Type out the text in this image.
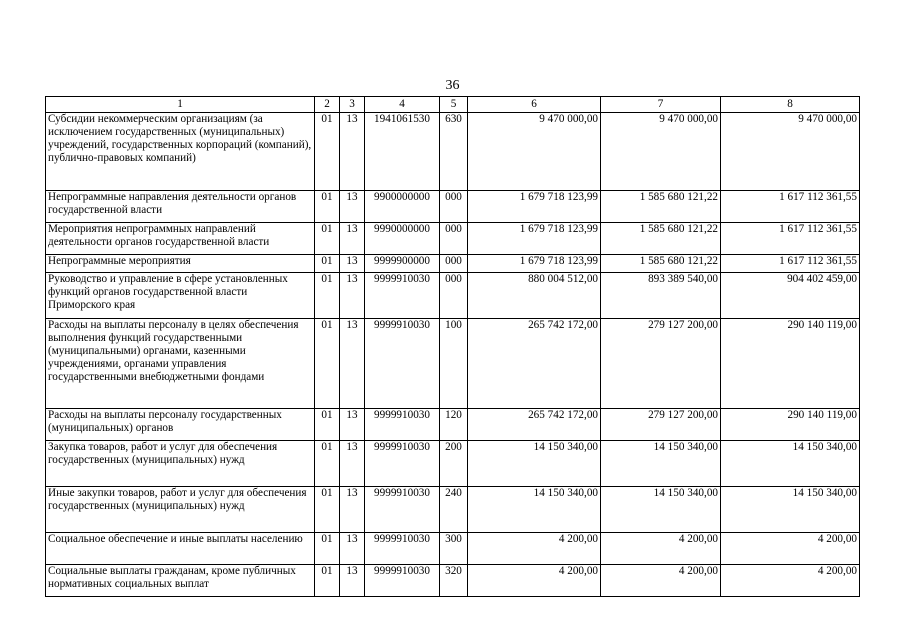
36
1	2	3	4	5	6	7	8
Субсидии некоммерческим организациям (за исключением государственных (муниципальных) учреждений, государственных корпораций (компаний), публично-правовых компаний)	01	13	1941061530	630	9 470 000,00	9 470 000,00	9 470 000,00
Непрограммные направления деятельности органов государственной власти	01	13	9900000000	000	1 679 718 123,99	1 585 680 121,22	1 617 112 361,55
Мероприятия непрограммных направлений деятельности органов государственной власти	01	13	9990000000	000	1 679 718 123,99	1 585 680 121,22	1 617 112 361,55
Непрограммные мероприятия	01	13	9999900000	000	1 679 718 123,99	1 585 680 121,22	1 617 112 361,55
Руководство и управление в сфере установленных функций органов государственной власти Приморского края	01	13	9999910030	000	880 004 512,00	893 389 540,00	904 402 459,00
Расходы на выплаты персоналу в целях обеспечения выполнения функций государственными (муниципальными) органами, казенными учреждениями, органами управления государственными внебюджетными фондами	01	13	9999910030	100	265 742 172,00	279 127 200,00	290 140 119,00
Расходы на выплаты персоналу государственных (муниципальных) органов	01	13	9999910030	120	265 742 172,00	279 127 200,00	290 140 119,00
Закупка товаров, работ и услуг для обеспечения государственных (муниципальных) нужд	01	13	9999910030	200	14 150 340,00	14 150 340,00	14 150 340,00
Иные закупки товаров, работ и услуг для обеспечения государственных (муниципальных) нужд	01	13	9999910030	240	14 150 340,00	14 150 340,00	14 150 340,00
Социальное обеспечение и иные выплаты населению	01	13	9999910030	300	4 200,00	4 200,00	4 200,00
Социальные выплаты гражданам, кроме публичных нормативных социальных выплат	01	13	9999910030	320	4 200,00	4 200,00	4 200,00
